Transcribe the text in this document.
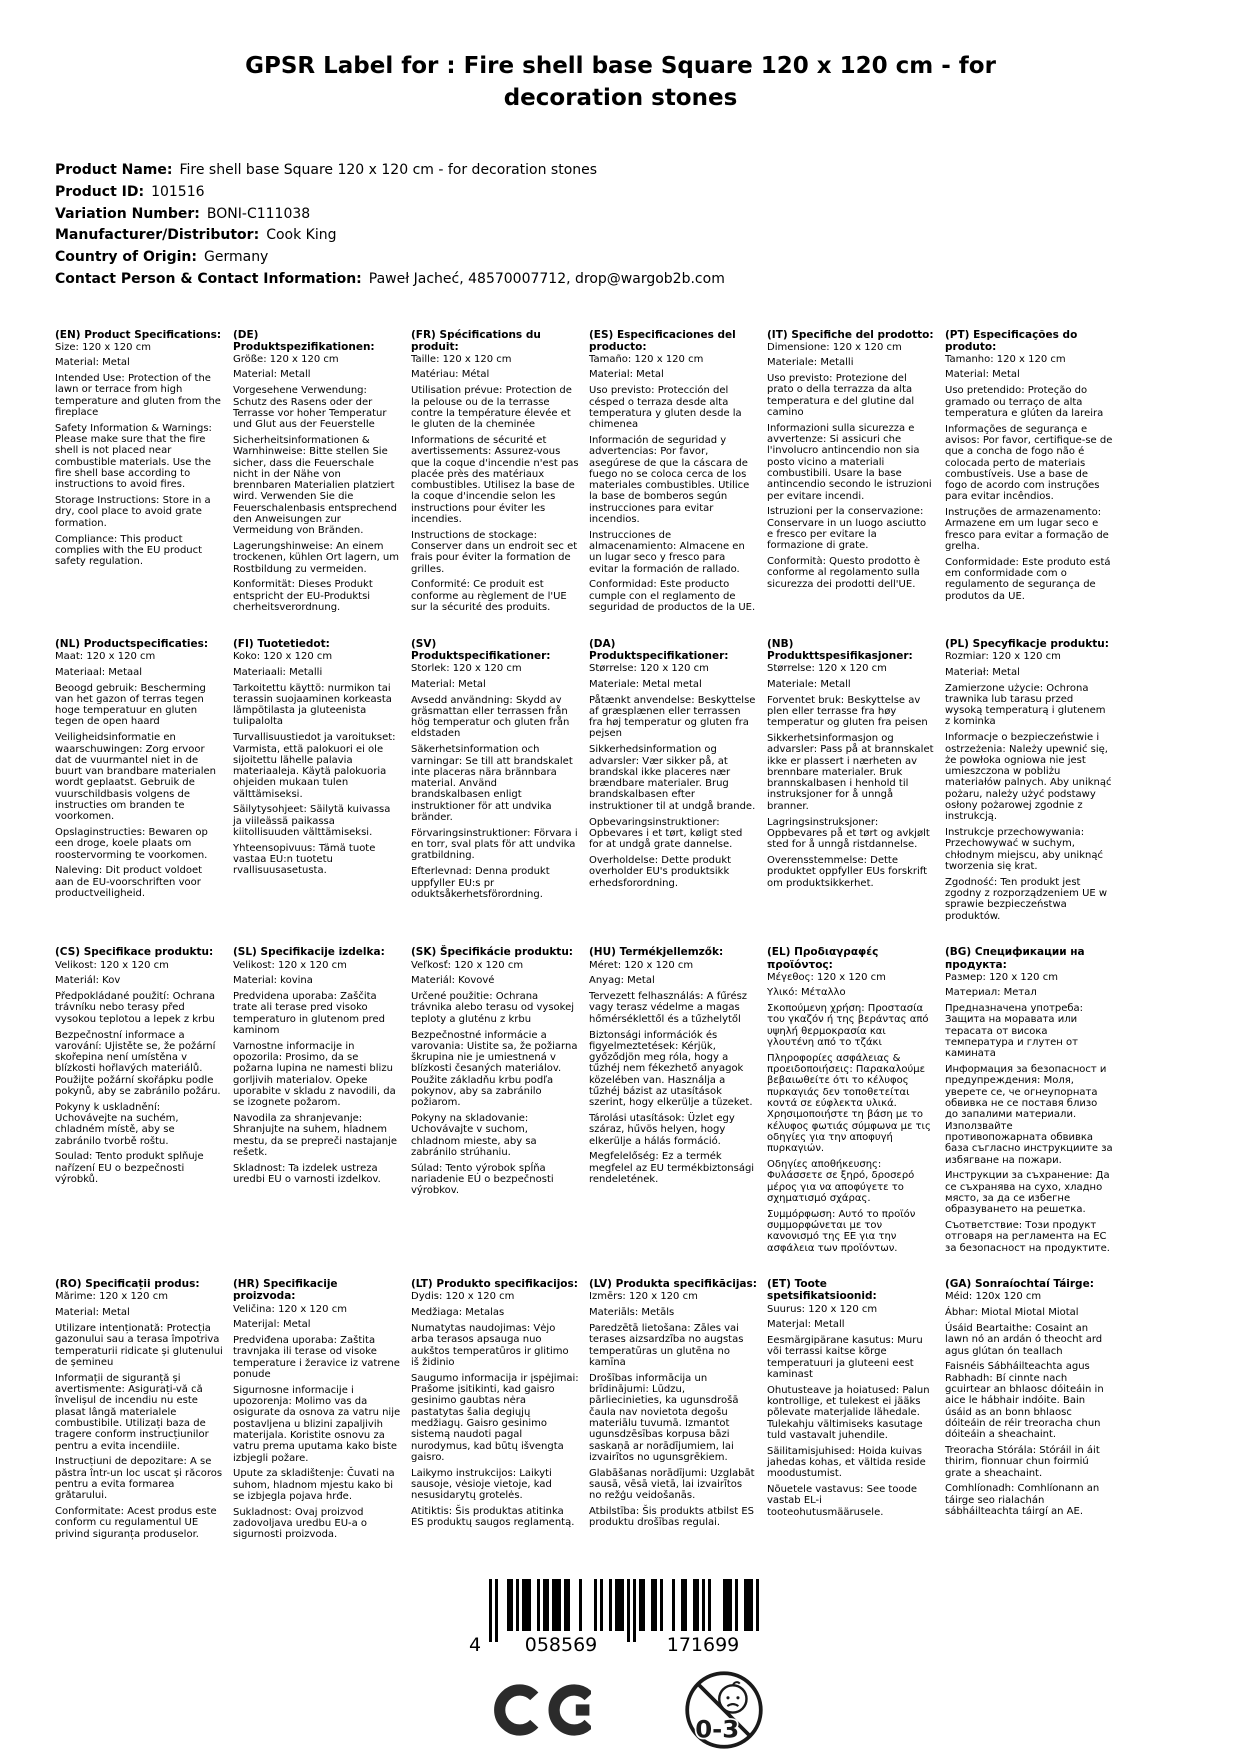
GPSR Label for : Fire shell base Square 120 x 120 cm - for decoration stones
Product Name: Fire shell base Square 120 x 120 cm - for decoration stones
Product ID: 101516
Variation Number: BONI-C111038
Manufacturer/Distributor: Cook King
Country of Origin: Germany
Contact Person & Contact Information: Paweł Jacheć, 48570007712, drop@wargob2b.com
(EN) Product Specifications:

Size: 120 x 120 cm

Material: Metal

Intended Use: Protection of the lawn or terrace from high temperature and gluten from the fireplace

Safety Information & Warnings: Please make sure that the fire shell is not placed near combustible materials. Use the fire shell base according to instructions to avoid fires.

Storage Instructions: Store in a dry, cool place to avoid grate formation.

Compliance: This product complies with the EU product safety regulation.

(DE) Produktspezifikationen:

Größe: 120 x 120 cm

Material: Metall

Vorgesehene Verwendung: Schutz des Rasens oder der Terrasse vor hoher Temperatur und Glut aus der Feuerstelle

Sicherheitsinformationen & Warnhinweise: Bitte stellen Sie sicher, dass die Feuerschale nicht in der Nähe von brennbaren Materialien platziert wird. Verwenden Sie die Feuerschalenbasis entsprechend den Anweisungen zur Vermeidung von Bränden.

Lagerungshinweise: An einem trockenen, kühlen Ort lagern, um Rostbildung zu vermeiden.

Konformität: Dieses Produkt entspricht der EU-Produktsi cherheitsverordnung.

(FR) Spécifications du produit:

Taille: 120 x 120 cm

Matériau: Métal

Utilisation prévue: Protection de la pelouse ou de la terrasse contre la température élevée et le gluten de la cheminée

Informations de sécurité et avertissements: Assurez-vous que la coque d'incendie n'est pas placée près des matériaux combustibles. Utilisez la base de la coque d'incendie selon les instructions pour éviter les incendies.

Instructions de stockage: Conserver dans un endroit sec et frais pour éviter la formation de grilles.

Conformité: Ce produit est conforme au règlement de l'UE sur la sécurité des produits.

(ES) Especificaciones del producto:

Tamaño: 120 x 120 cm

Material: Metal

Uso previsto: Protección del césped o terraza desde alta temperatura y gluten desde la chimenea

Información de seguridad y advertencias: Por favor, asegúrese de que la cáscara de fuego no se coloca cerca de los materiales combustibles. Utilice la base de bomberos según instrucciones para evitar incendios.

Instrucciones de almacenamiento: Almacene en un lugar seco y fresco para evitar la formación de rallado.

Conformidad: Este producto cumple con el reglamento de seguridad de productos de la UE.

(IT) Specifiche del prodotto:

Dimensione: 120 x 120 cm

Materiale: Metalli

Uso previsto: Protezione del prato o della terrazza da alta temperatura e del glutine dal camino

Informazioni sulla sicurezza e avvertenze: Si assicuri che l'involucro antincendio non sia posto vicino a materiali combustibili. Usare la base antincendio secondo le istruzioni per evitare incendi.

Istruzioni per la conservazione: Conservare in un luogo asciutto e fresco per evitare la formazione di grate.

Conformità: Questo prodotto è conforme al regolamento sulla sicurezza dei prodotti dell'UE.

(PT) Especificações do produto:

Tamanho: 120 x 120 cm

Material: Metal

Uso pretendido: Proteção do gramado ou terraço de alta temperatura e glúten da lareira

Informações de segurança e avisos: Por favor, certifique-se de que a concha de fogo não é colocada perto de materiais combustíveis. Use a base de fogo de acordo com instruções para evitar incêndios.

Instruções de armazenamento: Armazene em um lugar seco e fresco para evitar a formação de grelha.

Conformidade: Este produto está em conformidade com o regulamento de segurança de produtos da UE.

(NL) Productspecificaties:

Maat: 120 x 120 cm

Materiaal: Metaal

Beoogd gebruik: Bescherming van het gazon of terras tegen hoge temperatuur en gluten tegen de open haard

Veiligheidsinformatie en waarschuwingen: Zorg ervoor dat de vuurmantel niet in de buurt van brandbare materialen wordt geplaatst. Gebruik de vuurschildbasis volgens de instructies om branden te voorkomen.

Opslaginstructies: Bewaren op een droge, koele plaats om roostervorming te voorkomen.

Naleving: Dit product voldoet aan de EU-voorschriften voor productveiligheid.

(FI) Tuotetiedot:

Koko: 120 x 120 cm

Materiaali: Metalli

Tarkoitettu käyttö: nurmikon tai terassin suojaaminen korkeasta lämpötilasta ja gluteenista tulipalolta

Turvallisuustiedot ja varoitukset: Varmista, että palokuori ei ole sijoitettu lähelle palavia materiaaleja. Käytä palokuoria ohjeiden mukaan tulen välttämiseksi.

Säilytysohjeet: Säilytä kuivassa ja viileässä paikassa kiitollisuuden välttämiseksi.

Yhteensopivuus: Tämä tuote vastaa EU:n tuotetu rvallisuusasetusta.

(SV) Produktspecifikationer:

Storlek: 120 x 120 cm

Material: Metal

Avsedd användning: Skydd av gräsmattan eller terrassen från hög temperatur och gluten från eldstaden

Säkerhetsinformation och varningar: Se till att brandskalet inte placeras nära brännbara material. Använd brandskalbasen enligt instruktioner för att undvika bränder.

Förvaringsinstruktioner: Förvara i en torr, sval plats för att undvika gratbildning.

Efterlevnad: Denna produkt uppfyller EU:s pr oduktsåkerhetsförordning.

(DA) Produktspecifikationer:

Størrelse: 120 x 120 cm

Materiale: Metal metal

Påtænkt anvendelse: Beskyttelse af græsplænen eller terrassen fra høj temperatur og gluten fra pejsen

Sikkerhedsinformation og advarsler: Vær sikker på, at brandskal ikke placeres nær brændbare materialer. Brug brandskalbasen efter instruktioner til at undgå brande.

Opbevaringsinstruktioner: Opbevares i et tørt, køligt sted for at undgå grate dannelse.

Overholdelse: Dette produkt overholder EU's produktsikk erhedsforordning.

(NB) Produkttspesifikasjoner:

Størrelse: 120 x 120 cm

Materiale: Metall

Forventet bruk: Beskyttelse av plen eller terrasse fra høy temperatur og gluten fra peisen

Sikkerhetsinformasjon og advarsler: Pass på at brannskalet ikke er plassert i nærheten av brennbare materialer. Bruk brannskalbasen i henhold til instruksjoner for å unngå branner.

Lagringsinstruksjoner: Oppbevares på et tørt og avkjølt sted for å unngå ristdannelse.

Overensstemmelse: Dette produktet oppfyller EUs forskrift om produktsikkerhet.

(PL) Specyfikacje produktu:

Rozmiar: 120 x 120 cm

Materiał: Metal

Zamierzone użycie: Ochrona trawnika lub tarasu przed wysoką temperaturą i glutenem z kominka

Informacje o bezpieczeństwie i ostrzeżenia: Należy upewnić się, że powłoka ogniowa nie jest umieszczona w pobliżu materiałów palnych. Aby uniknąć pożaru, należy użyć podstawy osłony pożarowej zgodnie z instrukcją.

Instrukcje przechowywania: Przechowywać w suchym, chłodnym miejscu, aby uniknąć tworzenia się krat.

Zgodność: Ten produkt jest zgodny z rozporządzeniem UE w sprawie bezpieczeństwa produktów.

(CS) Specifikace produktu:

Velikost: 120 x 120 cm

Materiál: Kov

Předpokládané použití: Ochrana trávníku nebo terasy před vysokou teplotou a lepek z krbu

Bezpečnostní informace a varování: Ujistěte se, že požární skořepina není umístěna v blízkosti hořlavých materiálů. Použijte požární skořápku podle pokynů, aby se zabránilo požáru.

Pokyny k uskladnění: Uchovávejte na suchém, chladném místě, aby se zabránilo tvorbě roštu.

Soulad: Tento produkt splňuje nařízení EU o bezpečnosti výrobků.

(SL) Specifikacije izdelka:

Velikost: 120 x 120 cm

Material: kovina

Predvidena uporaba: Zaščita trate ali terase pred visoko temperaturo in glutenom pred kaminom

Varnostne informacije in opozorila: Prosimo, da se požarna lupina ne namesti blizu gorljivih materialov. Opeke uporabite v skladu z navodili, da se izognete požarom.

Navodila za shranjevanje: Shranjujte na suhem, hladnem mestu, da se prepreči nastajanje rešetk.

Skladnost: Ta izdelek ustreza uredbi EU o varnosti izdelkov.

(SK) Špecifikácie produktu:

Veľkosť: 120 x 120 cm

Materiál: Kovové

Určené použitie: Ochrana trávnika alebo terasu od vysokej teploty a gluténu z krbu

Bezpečnostné informácie a varovania: Uistite sa, že požiarna škrupina nie je umiestnená v blízkosti česaných materiálov. Použite základňu krbu podľa pokynov, aby sa zabránilo požiarom.

Pokyny na skladovanie: Uchovávajte v suchom, chladnom mieste, aby sa zabránilo strúhaniu.

Súlad: Tento výrobok spĺňa nariadenie EÚ o bezpečnosti výrobkov.

(HU) Termékjellemzők:

Méret: 120 x 120 cm

Anyag: Metal

Tervezett felhasználás: A fűrész vagy terasz védelme a magas hőmérséklettől és a tűzhelytől

Biztonsági információk és figyelmeztetések: Kérjük, győződjön meg róla, hogy a tűzhéj nem fékezhető anyagok közelében van. Használja a tűzhéj bázist az utasítások szerint, hogy elkerülje a tüzeket.

Tárolási utasítások: Üzlet egy száraz, hűvös helyen, hogy elkerülje a hálás formáció.

Megfelelőség: Ez a termék megfelel az EU termékbiztonsági rendeletének.

(EL) Προδιαγραφές προϊόντος:

Μέγεθος: 120 x 120 cm

Υλικό: Μέταλλο

Σκοπούμενη χρήση: Προστασία του γκαζόν ή της βεράντας από υψηλή θερμοκρασία και γλουτένη από το τζάκι

Πληροφορίες ασφάλειας & προειδοποιήσεις: Παρακαλούμε βεβαιωθείτε ότι το κέλυφος πυρκαγιάς δεν τοποθετείται κοντά σε εύφλεκτα υλικά. Χρησιμοποιήστε τη βάση με το κέλυφος φωτιάς σύμφωνα με τις οδηγίες για την αποφυγή πυρκαγιών.

Οδηγίες αποθήκευσης: Φυλάσσετε σε ξηρό, δροσερό μέρος για να αποφύγετε το σχηματισμό σχάρας.

Συμμόρφωση: Αυτό το προϊόν συμμορφώνεται με τον κανονισμό της ΕΕ για την ασφάλεια των προϊόντων.

(BG) Спецификации на продукта:

Размер: 120 x 120 cm

Материал: Метал

Предназначена употреба: Защита на моравата или терасата от висока температура и глутен от камината

Информация за безопасност и предупреждения: Моля, уверете се, че огнеупорната обвивка не се поставя близо до запалими материали. Използвайте противопожарната обвивка база съгласно инструкциите за избягване на пожари.

Инструкции за съхранение: Да се съхранява на сухо, хладно място, за да се избегне образуването на решетка.

Съответствие: Този продукт отговаря на регламента на ЕС за безопасност на продуктите.

(RO) Specificații produs:

Mărime: 120 x 120 cm

Material: Metal

Utilizare intenționată: Protecția gazonului sau a terasa împotriva temperaturii ridicate și glutenului de șemineu

Informații de siguranță și avertismente: Asigurați-vă că învelișul de incendiu nu este plasat lângă materialele combustibile. Utilizați baza de tragere conform instrucțiunilor pentru a evita incendiile.

Instrucțiuni de depozitare: A se păstra într-un loc uscat și răcoros pentru a evita formarea grătarului.

Conformitate: Acest produs este conform cu regulamentul UE privind siguranța produselor.

(HR) Specifikacije proizvoda:

Veličina: 120 x 120 cm

Materijal: Metal

Predviđena uporaba: Zaštita travnjaka ili terase od visoke temperature i žeravice iz vatrene ponude

Sigurnosne informacije i upozorenja: Molimo vas da osigurate da osnova za vatru nije postavljena u blizini zapaljivih materijala. Koristite osnovu za vatru prema uputama kako biste izbjegli požare.

Upute za skladištenje: Čuvati na suhom, hladnom mjestu kako bi se izbjegla pojava hrđe.

Sukladnost: Ovaj proizvod zadovoljava uredbu EU-a o sigurnosti proizvoda.

(LT) Produkto specifikacijos:

Dydis: 120 x 120 cm

Medžiaga: Metalas

Numatytas naudojimas: Vėjo arba terasos apsauga nuo aukštos temperatūros ir glitimo iš židinio

Saugumo informacija ir įspėjimai: Prašome įsitikinti, kad gaisro gesinimo gaubtas nėra pastatytas šalia degiųjų medžiagų. Gaisro gesinimo sistemą naudoti pagal nurodymus, kad būtų išvengta gaisro.

Laikymo instrukcijos: Laikyti sausoje, vėsioje vietoje, kad nesusidarytų grotelės.

Atitiktis: Šis produktas atitinka ES produktų saugos reglamentą.

(LV) Produkta specifikācijas:

Izmērs: 120 x 120 cm

Materiāls: Metāls

Paredzētā lietošana: Zāles vai terases aizsardzība no augstas temperatūras un glutēna no kamīna

Drošības informācija un brīdinājumi: Lūdzu, pārliecinieties, ka ugunsdrošā čaula nav novietota degošu materiālu tuvumā. Izmantot ugunsdzēsības korpusa bāzi saskaņā ar norādījumiem, lai izvairītos no ugunsgrēkiem.

Glabāšanas norādījumi: Uzglabāt sausā, vēsā vietā, lai izvairītos no režģu veidošanās.

Atbilstība: Šis produkts atbilst ES produktu drošības regulai.

(ET) Toote spetsifikatsioonid:

Suurus: 120 x 120 cm

Materjal: Metall

Eesmärgipärane kasutus: Muru või terrassi kaitse kõrge temperatuuri ja gluteeni eest kaminast

Ohutusteave ja hoiatused: Palun kontrollige, et tulekest ei jääks põlevate materjalide lähedale. Tulekahju vältimiseks kasutage tuld vastavalt juhendile.

Säilitamisjuhised: Hoida kuivas jahedas kohas, et vältida reside moodustumist.

Nõuetele vastavus: See toode vastab EL-i tooteohutusmäärusele.

(GA) Sonraíochtaí Táirge:

Méid: 120x 120 cm

Ábhar: Miotal Miotal Miotal

Úsáid Beartaithe: Cosaint an lawn nó an ardán ó theocht ard agus glútan ón teallach

Faisnéis Sábháilteachta agus Rabhadh: Bí cinnte nach gcuirtear an bhlaosc dóiteáin in aice le hábhair indóite. Bain úsáid as an bonn bhlaosc dóiteáin de réir treoracha chun dóiteáin a sheachaint.

Treoracha Stórála: Stóráil in áit thirim, fionnuar chun foirmiú grate a sheachaint.

Comhlíonadh: Comhlíonann an táirge seo rialachán sábháilteachta táirgí an AE.

4 058569	171699
0-3
